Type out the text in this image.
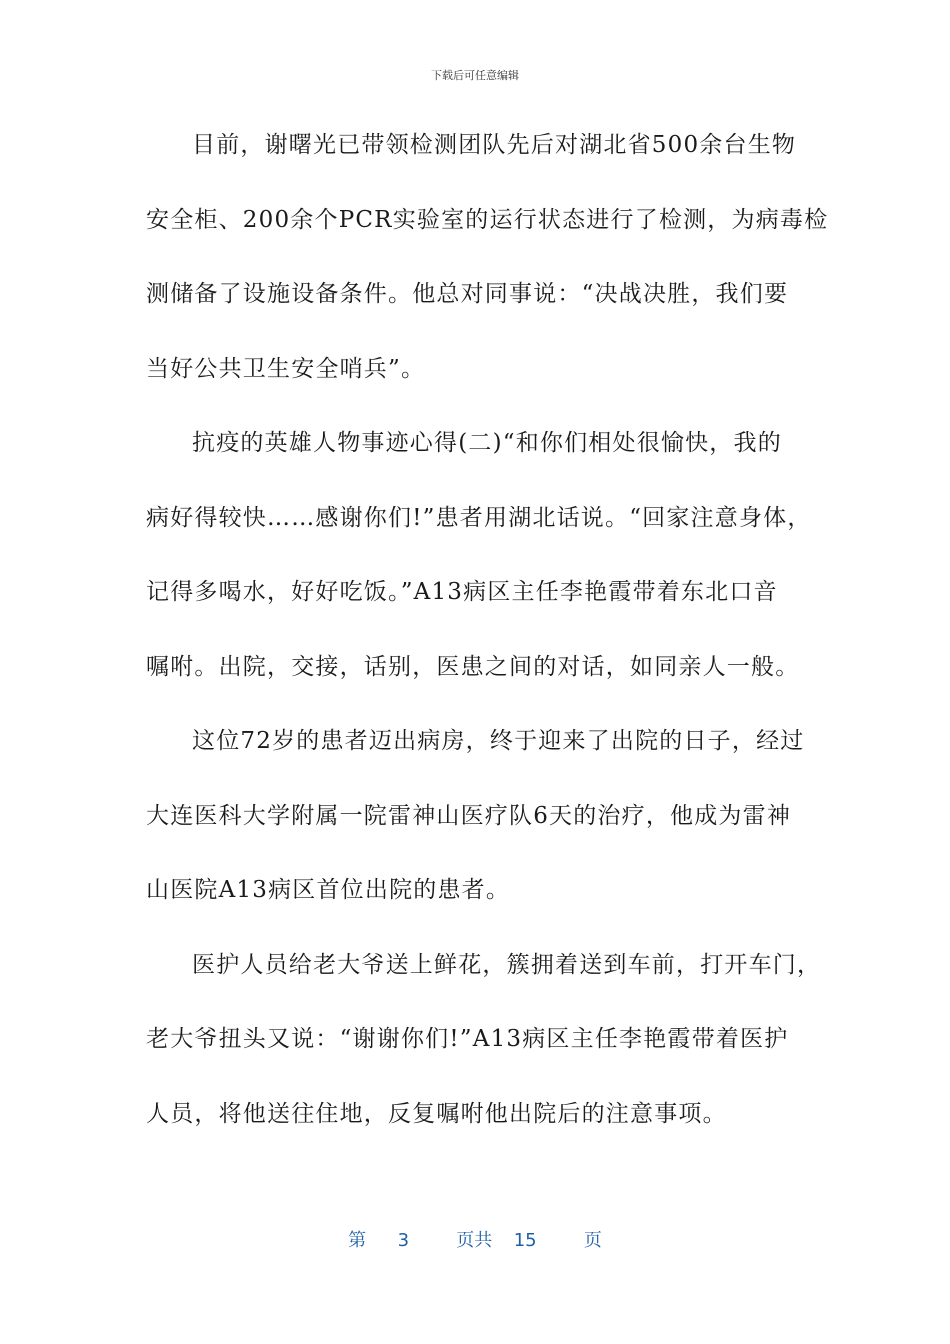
下载后可任意编辑
目前，谢曙光已带领检测团队先后对湖北省500余台生物
安全柜、200余个PCR实验室的运行状态进行了检测，为病毒检
测储备了设施设备条件。他总对同事说：“决战决胜，我们要
当好公共卫生安全哨兵”。
抗疫的英雄人物事迹心得(二)“和你们相处很愉快，我的
病好得较快……感谢你们!”患者用湖北话说。“回家注意身体，
记得多喝水，好好吃饭。”A13病区主任李艳霞带着东北口音
嘱咐。出院，交接，话别，医患之间的对话，如同亲人一般。
这位72岁的患者迈出病房，终于迎来了出院的日子，经过
大连医科大学附属一院雷神山医疗队6天的治疗，他成为雷神
山医院A13病区首位出院的患者。
医护人员给老大爷送上鲜花，簇拥着送到车前，打开车门，
老大爷扭头又说：“谢谢你们!”A13病区主任李艳霞带着医护
人员，将他送往住地，反复嘱咐他出院后的注意事项。
第 3	页共 15	页
